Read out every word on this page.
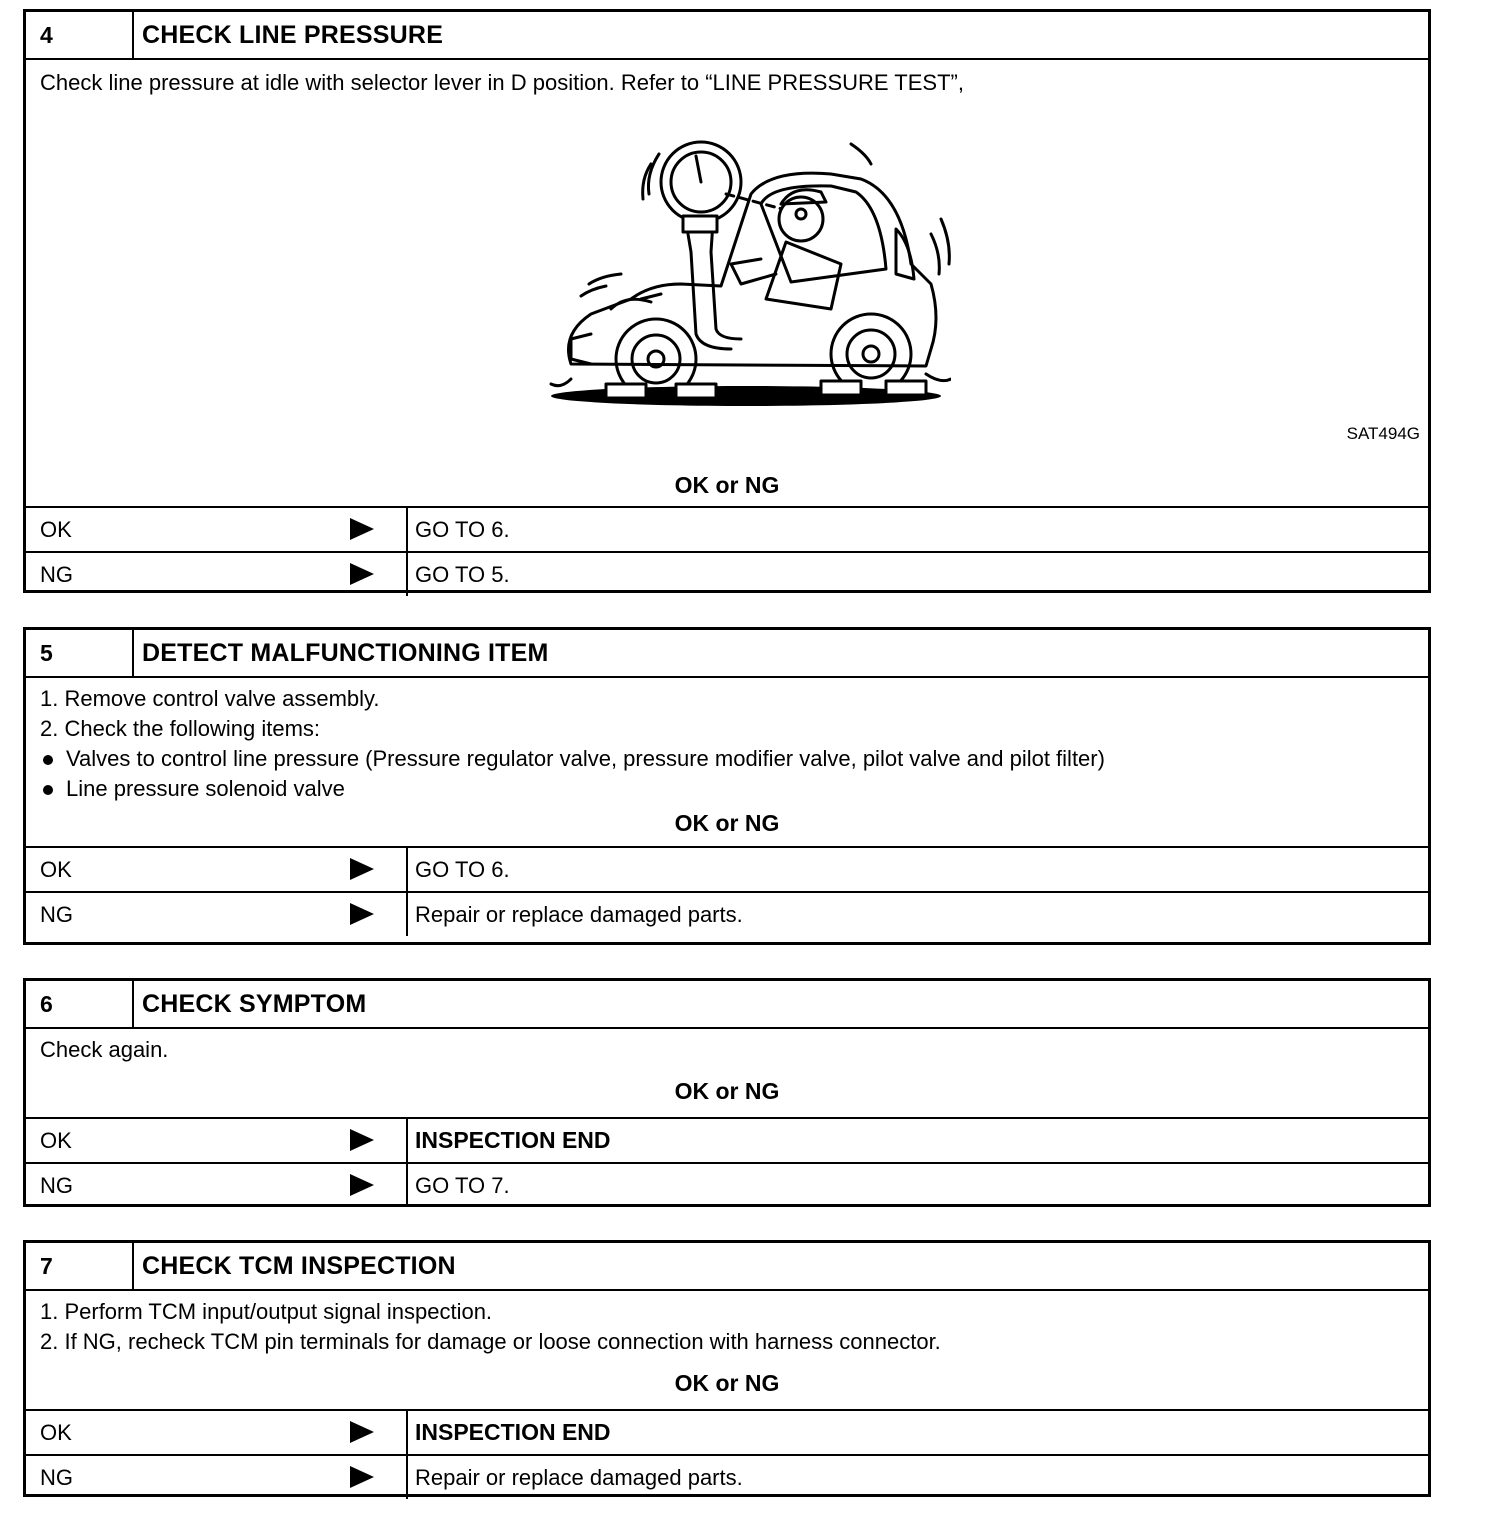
4	CHECK LINE PRESSURE
Check line pressure at idle with selector lever in D position. Refer to “LINE PRESSURE TEST”,
SAT494G
OK or NG
OK	GO TO 6.
NG	GO TO 5.
5	DETECT MALFUNCTIONING ITEM
1. Remove control valve assembly.
2. Check the following items:
Valves to control line pressure (Pressure regulator valve, pressure modifier valve, pilot valve and pilot filter)
Line pressure solenoid valve
OK or NG
OK	GO TO 6.
NG	Repair or replace damaged parts.
6	CHECK SYMPTOM
Check again.
OK or NG
OK	INSPECTION END
NG	GO TO 7.
7	CHECK TCM INSPECTION
1. Perform TCM input/output signal inspection.
2. If NG, recheck TCM pin terminals for damage or loose connection with harness connector.
OK or NG
OK	INSPECTION END
NG	Repair or replace damaged parts.
